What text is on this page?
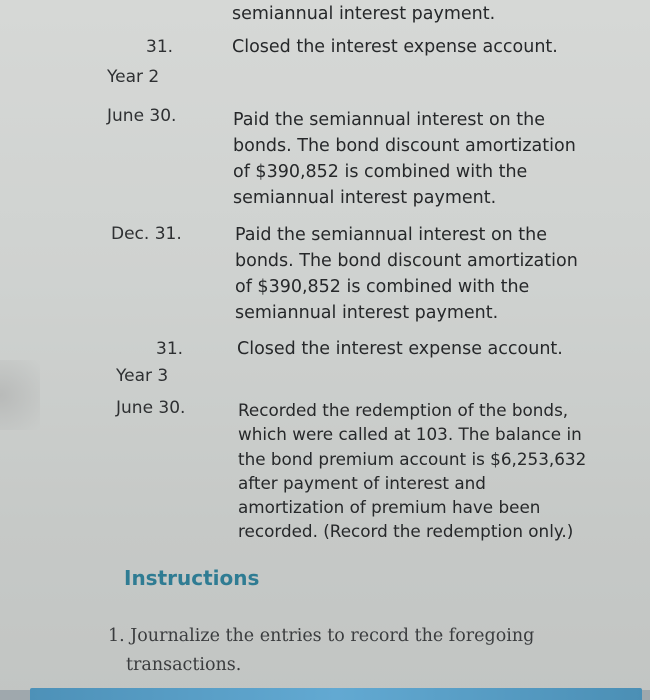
semiannual interest payment.
31.	Closed the interest expense account.
Year 2
June 30.	Paid the semiannual interest on the
bonds. The bond discount amortization
of $390,852 is combined with the
semiannual interest payment.
Dec. 31.	Paid the semiannual interest on the
bonds. The bond discount amortization
of $390,852 is combined with the
semiannual interest payment.
31.	Closed the interest expense account.
Year 3
June 30.	Recorded the redemption of the bonds,
which were called at 103. The balance in
the bond premium account is $6,253,632
after payment of interest and
amortization of premium have been
recorded. (Record the redemption only.)
Instructions
1. Journalize the entries to record the foregoing
transactions.
